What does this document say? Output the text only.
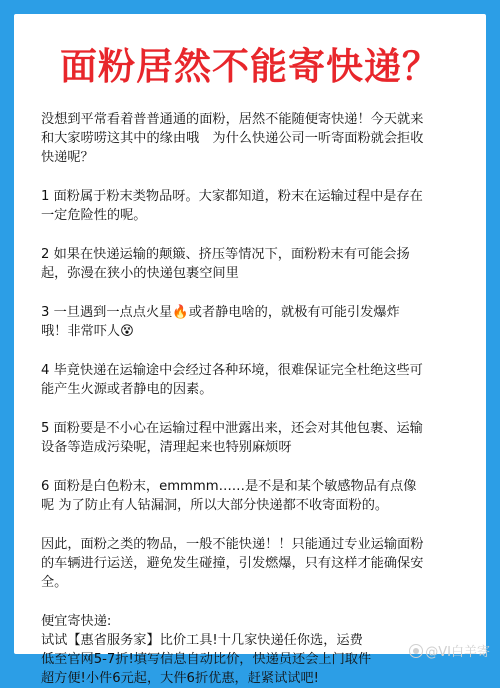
面粉居然不能寄快递？
没想到平常看着普普通通的面粉，居然不能随便寄快递！今天就来
和大家唠唠这其中的缘由哦　为什么快递公司一听寄面粉就会拒收
快递呢？
1 面粉属于粉末类物品呀。大家都知道，粉末在运输过程中是存在
一定危险性的呢。
2 如果在快递运输的颠簸、挤压等情况下，面粉粉末有可能会扬
起，弥漫在狭小的快递包裹空间里
3 一旦遇到一点点火星🔥或者静电啥的，就极有可能引发爆炸
哦！非常吓人😵
4 毕竟快递在运输途中会经过各种环境，很难保证完全杜绝这些可
能产生火源或者静电的因素。
5 面粉要是不小心在运输过程中泄露出来，还会对其他包裹、运输
设备等造成污染呢，清理起来也特别麻烦呀
6 面粉是白色粉末，emmmm……是不是和某个敏感物品有点像
呢 为了防止有人钻漏洞，所以大部分快递都不收寄面粉的。
因此，面粉之类的物品，一般不能快递！！只能通过专业运输面粉
的车辆进行运送，避免发生碰撞，引发燃爆，只有这样才能确保安
全。
便宜寄快递:
试试【惠省服务家】比价工具!十几家快递任你选，运费
低至官网5-7折!填写信息自动比价，快递员还会上门取件
超方便!小件6元起，大件6折优惠，赶紧试试吧!
@VI白羊寄
